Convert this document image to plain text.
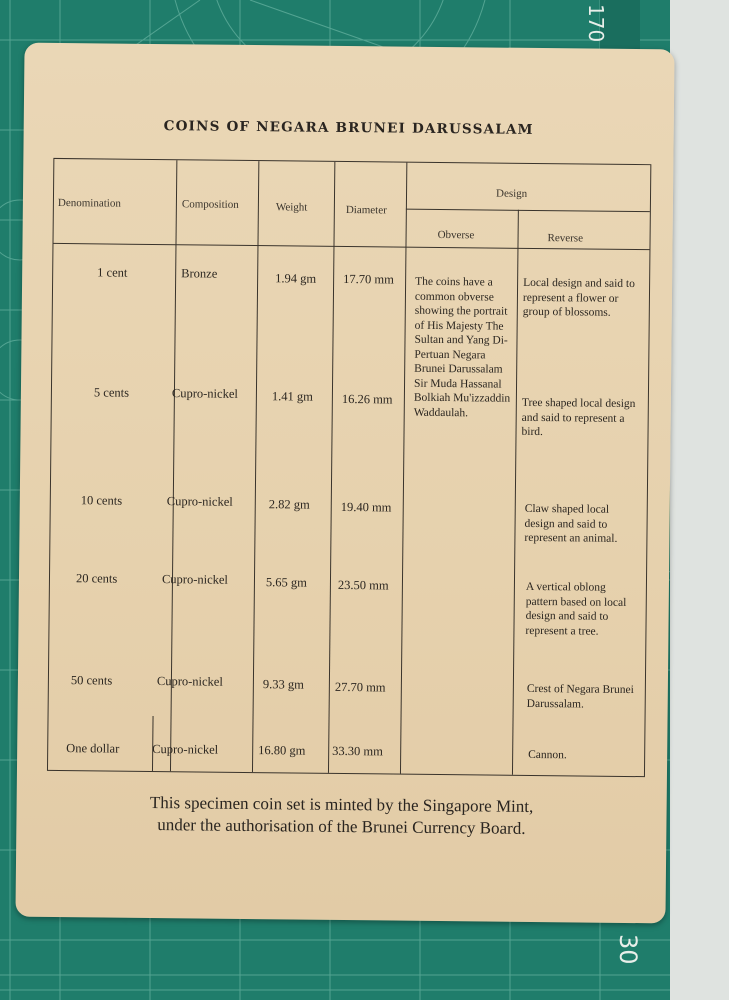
170
30
COINS OF NEGARA BRUNEI DARUSSALAM
Denomination	Composition	Weight	Diameter
Design
Obverse	Reverse
1 cent	Bronze	1.94 gm 17.70 mm	Local design and said to represent a flower or group of blossoms.
The coins have a common obverse showing the portrait of His Majesty The Sultan and Yang Di-Pertuan Negara Brunei Darussalam Sir Muda Hassanal Bolkiah Mu'izzaddin Waddaulah.
5 cents	Cupro-nickel	1.41 gm 16.26 mm	Tree shaped local design and said to represent a bird.
10 cents	Cupro-nickel	2.82 gm 19.40 mm	Claw shaped local design and said to represent an animal.
20 cents	Cupro-nickel	5.65 gm 23.50 mm	A vertical oblong pattern based on local design and said to represent a tree.
50 cents	Cupro-nickel	9.33 gm 27.70 mm	Crest of Negara Brunei Darussalam.
One dollar	Cupro-nickel	16.80 gm 33.30 mm	Cannon.
This specimen coin set is minted by the Singapore Mint,
under the authorisation of the Brunei Currency Board.
